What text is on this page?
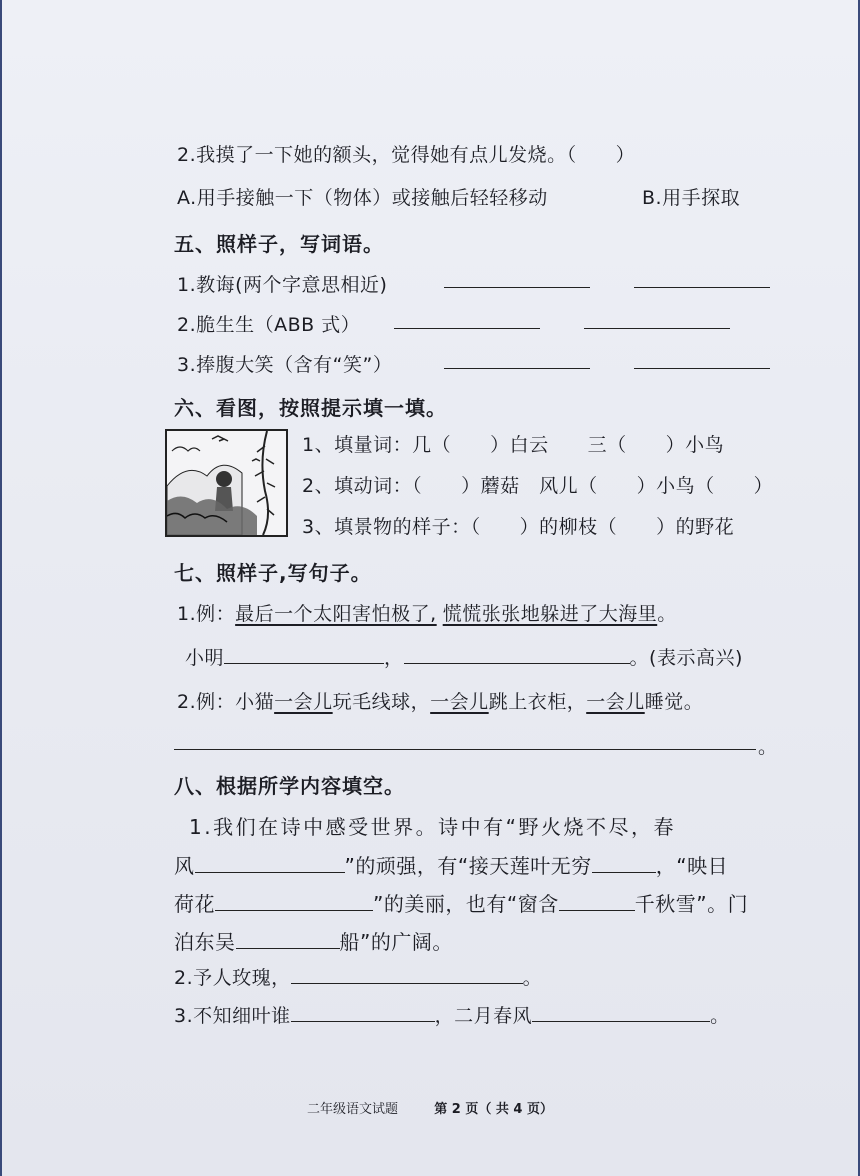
2.我摸了一下她的额头，觉得她有点儿发烧。（　　）
A.用手接触一下（物体）或接触后轻轻移动	B.用手探取
五、照样子，写词语。
1.教诲(两个字意思相近)
2.脆生生（ABB 式）
3.捧腹大笑（含有“笑”）
六、看图，按照提示填一填。
1、填量词：几（　　）白云　　三（　　）小鸟
2、填动词：（　　）蘑菇　风儿（　　）小鸟（　　）
3、填景物的样子：（　　）的柳枝（　　）的野花
七、照样子,写句子。
1.例：最后一个太阳害怕极了, 慌慌张张地躲进了大海里。
小明	，	。(表示高兴)
2.例：小猫一会儿玩毛线球，一会儿跳上衣柜，一会儿睡觉。
。
八、根据所学内容填空。
1.我们在诗中感受世界。诗中有“野火烧不尽，春
风	”的顽强，有“接天莲叶无穷	，“映日
荷花	”的美丽，也有“窗含	千秋雪”。门
泊东吴	船”的广阔。
2.予人玫瑰，	。
3.不知细叶谁	，二月春风	。
二年级语文试题	第 2 页（ 共 4 页）
